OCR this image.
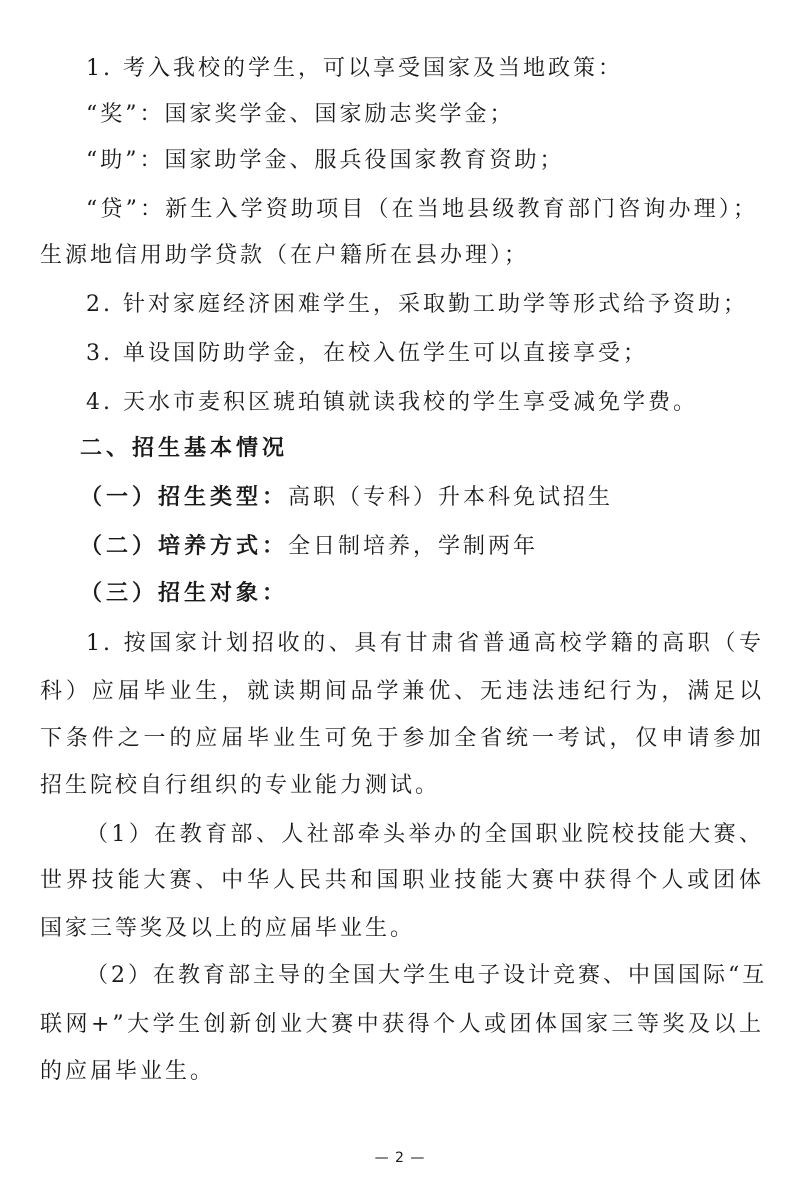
1. 考入我校的学生，可以享受国家及当地政策：
“奖”：国家奖学金、国家励志奖学金；
“助”：国家助学金、服兵役国家教育资助；
“贷”：新生入学资助项目（在当地县级教育部门咨询办理）；
生源地信用助学贷款（在户籍所在县办理）；
2. 针对家庭经济困难学生，采取勤工助学等形式给予资助；
3. 单设国防助学金，在校入伍学生可以直接享受；
4. 天水市麦积区琥珀镇就读我校的学生享受减免学费。
二、招生基本情况
（一）招生类型：高职（专科）升本科免试招生
（二）培养方式：全日制培养，学制两年
（三）招生对象：
1. 按国家计划招收的、具有甘肃省普通高校学籍的高职（专
科）应届毕业生，就读期间品学兼优、无违法违纪行为，满足以
下条件之一的应届毕业生可免于参加全省统一考试，仅申请参加
招生院校自行组织的专业能力测试。
（1）在教育部、人社部牵头举办的全国职业院校技能大赛、
世界技能大赛、中华人民共和国职业技能大赛中获得个人或团体
国家三等奖及以上的应届毕业生。
（2）在教育部主导的全国大学生电子设计竞赛、中国国际“互
联网+”大学生创新创业大赛中获得个人或团体国家三等奖及以上
的应届毕业生。
— 2 —
